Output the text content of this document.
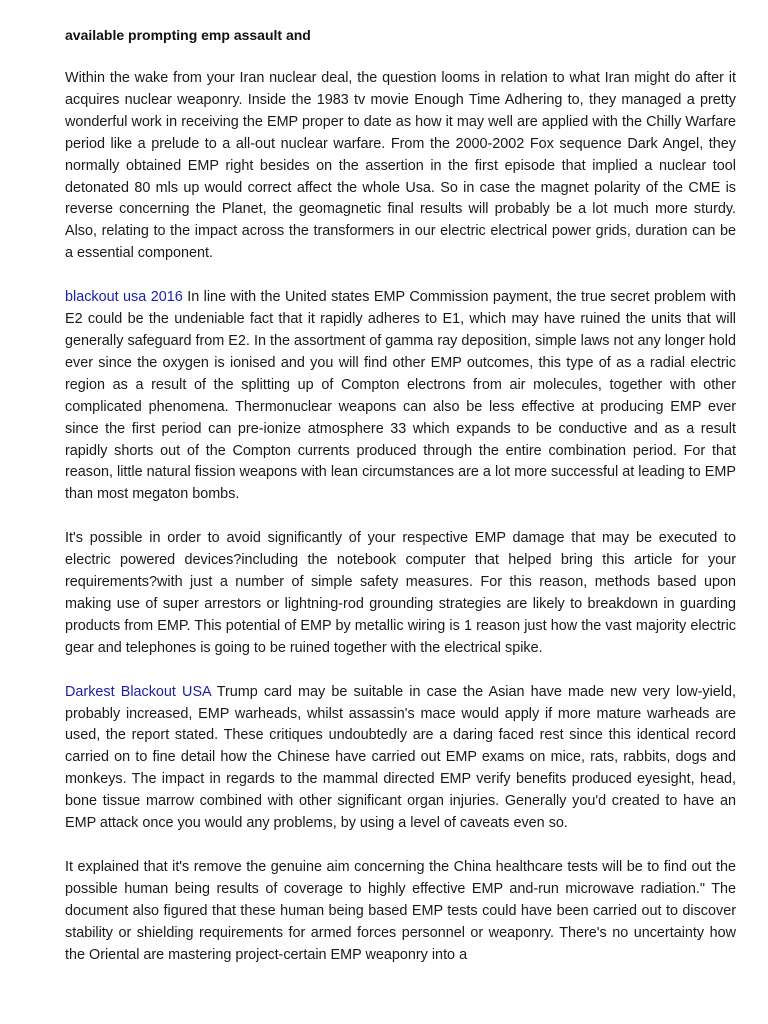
available prompting emp assault and

Within the wake from your Iran nuclear deal, the question looms in relation to what Iran might do after it acquires nuclear weaponry. Inside the 1983 tv movie Enough Time Adhering to, they managed a pretty wonderful work in receiving the EMP proper to date as how it may well are applied with the Chilly Warfare period like a prelude to a all-out nuclear warfare. From the 2000-2002 Fox sequence Dark Angel, they normally obtained EMP right besides on the assertion in the first episode that implied a nuclear tool detonated 80 mls up would correct affect the whole Usa. So in case the magnet polarity of the CME is reverse concerning the Planet, the geomagnetic final results will probably be a lot much more sturdy. Also, relating to the impact across the transformers in our electric electrical power grids, duration can be a essential component.

blackout usa 2016 In line with the United states EMP Commission payment, the true secret problem with E2 could be the undeniable fact that it rapidly adheres to E1, which may have ruined the units that will generally safeguard from E2. In the assortment of gamma ray deposition, simple laws not any longer hold ever since the oxygen is ionised and you will find other EMP outcomes, this type of as a radial electric region as a result of the splitting up of Compton electrons from air molecules, together with other complicated phenomena. Thermonuclear weapons can also be less effective at producing EMP ever since the first period can pre-ionize atmosphere 33 which expands to be conductive and as a result rapidly shorts out of the Compton currents produced through the entire combination period. For that reason, little natural fission weapons with lean circumstances are a lot more successful at leading to EMP than most megaton bombs.

It's possible in order to avoid significantly of your respective EMP damage that may be executed to electric powered devices?including the notebook computer that helped bring this article for your requirements?with just a number of simple safety measures. For this reason, methods based upon making use of super arrestors or lightning-rod grounding strategies are likely to breakdown in guarding products from EMP. This potential of EMP by metallic wiring is 1 reason just how the vast majority electric gear and telephones is going to be ruined together with the electrical spike.

Darkest Blackout USA Trump card may be suitable in case the Asian have made new very low-yield, probably increased, EMP warheads, whilst assassin's mace would apply if more mature warheads are used, the report stated. These critiques undoubtedly are a daring faced rest since this identical record carried on to fine detail how the Chinese have carried out EMP exams on mice, rats, rabbits, dogs and monkeys. The impact in regards to the mammal directed EMP verify benefits produced eyesight, head, bone tissue marrow combined with other significant organ injuries. Generally you'd created to have an EMP attack once you would any problems, by using a level of caveats even so.

It explained that it's remove the genuine aim concerning the China healthcare tests will be to find out the possible human being results of coverage to highly effective EMP and-run microwave radiation." The document also figured that these human being based EMP tests could have been carried out to discover stability or shielding requirements for armed forces personnel or weaponry. There's no uncertainty how the Oriental are mastering project-certain EMP weaponry into a
